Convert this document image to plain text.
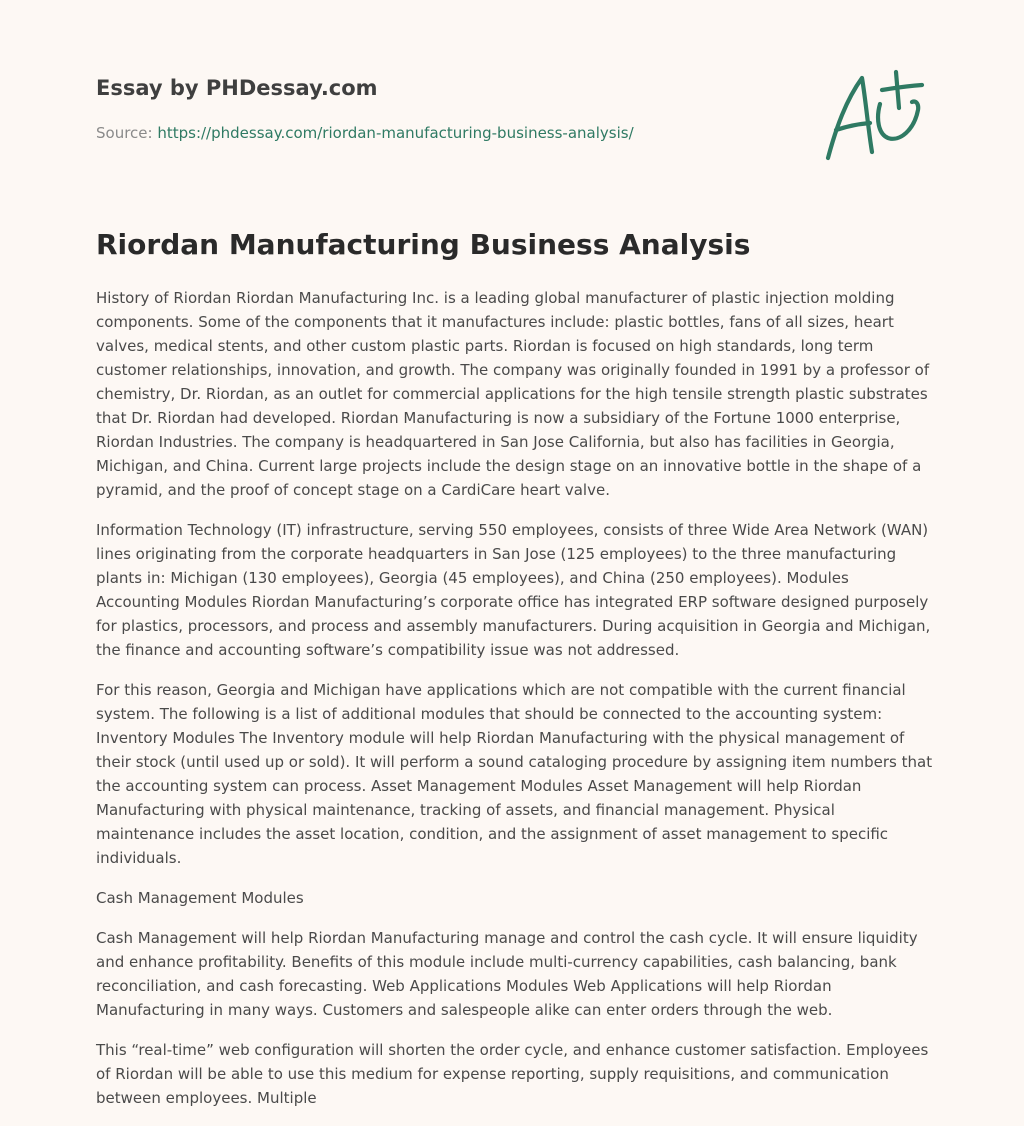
Essay by PHDessay.com
Source: https://phdessay.com/riordan-manufacturing-business-analysis/
Riordan Manufacturing Business Analysis

History of Riordan Riordan Manufacturing Inc. is a leading global manufacturer of plastic injection molding components. Some of the components that it manufactures include: plastic bottles, fans of all sizes, heart valves, medical stents, and other custom plastic parts. Riordan is focused on high standards, long term customer relationships, innovation, and growth. The company was originally founded in 1991 by a professor of chemistry, Dr. Riordan, as an outlet for commercial applications for the high tensile strength plastic substrates that Dr. Riordan had developed. Riordan Manufacturing is now a subsidiary of the Fortune 1000 enterprise, Riordan Industries. The company is headquartered in San Jose California, but also has facilities in Georgia, Michigan, and China. Current large projects include the design stage on an innovative bottle in the shape of a pyramid, and the proof of concept stage on a CardiCare heart valve.

Information Technology (IT) infrastructure, serving 550 employees, consists of three Wide Area Network (WAN) lines originating from the corporate headquarters in San Jose (125 employees) to the three manufacturing plants in: Michigan (130 employees), Georgia (45 employees), and China (250 employees). Modules Accounting Modules Riordan Manufacturing’s corporate office has integrated ERP software designed purposely for plastics, processors, and process and assembly manufacturers. During acquisition in Georgia and Michigan, the finance and accounting software’s compatibility issue was not addressed.

For this reason, Georgia and Michigan have applications which are not compatible with the current financial system. The following is a list of additional modules that should be connected to the accounting system: Inventory Modules The Inventory module will help Riordan Manufacturing with the physical management of their stock (until used up or sold). It will perform a sound cataloging procedure by assigning item numbers that the accounting system can process. Asset Management Modules Asset Management will help Riordan Manufacturing with physical maintenance, tracking of assets, and financial management. Physical maintenance includes the asset location, condition, and the assignment of asset management to specific individuals.

Cash Management Modules

Cash Management will help Riordan Manufacturing manage and control the cash cycle. It will ensure liquidity and enhance profitability. Benefits of this module include multi-currency capabilities, cash balancing, bank reconciliation, and cash forecasting. Web Applications Modules Web Applications will help Riordan Manufacturing in many ways. Customers and salespeople alike can enter orders through the web.

This “real-time” web configuration will shorten the order cycle, and enhance customer satisfaction. Employees of Riordan will be able to use this medium for expense reporting, supply requisitions, and communication between employees. Multiple
